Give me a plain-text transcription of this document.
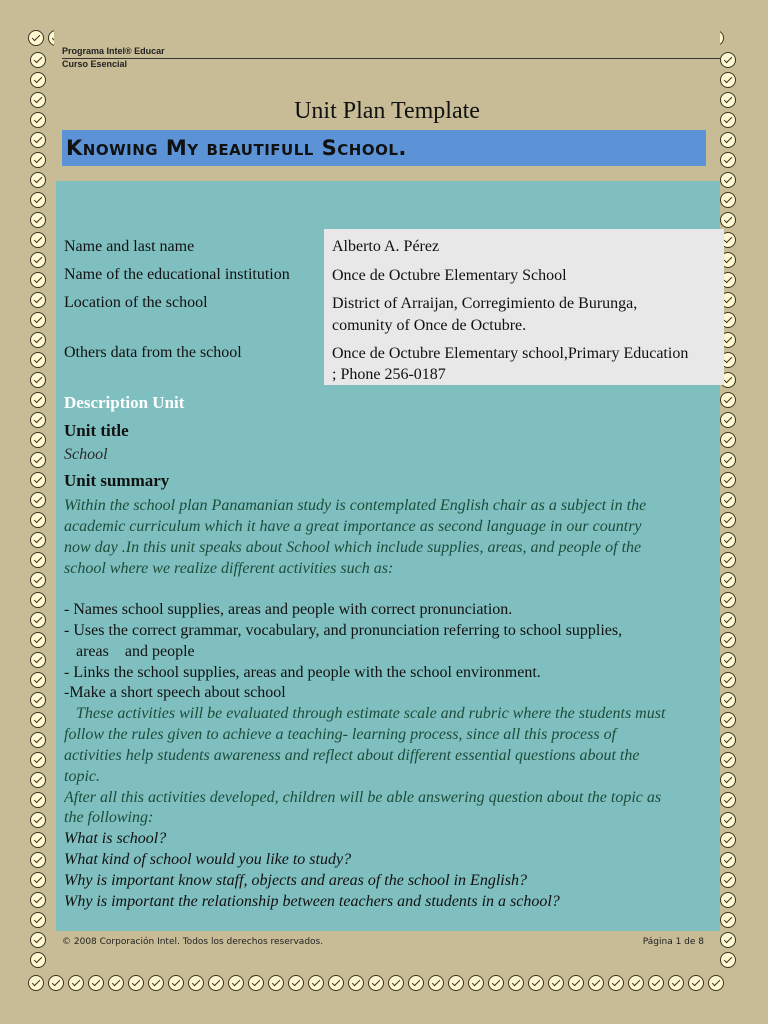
Programa Intel® Educar
Curso Esencial
Unit Plan Template
Knowing My beautifull School.
Name and last name	Alberto A. Pérez
Name of the educational institution	Once de Octubre Elementary School
Location of the school	District of Arraijan, Corregimiento de Burunga,
comunity of Once de Octubre.
Others data from the school	Once de Octubre Elementary school,Primary Education
; Phone 256-0187
Description Unit
Unit title
School
Unit summary
Within the school plan Panamanian study is contemplated English chair as a subject in the
academic curriculum which it have a great importance as second language in our country
now day .In this unit speaks about School which include supplies, areas, and people of the
school where we realize different activities such as:
- Names school supplies, areas and people with correct pronunciation.
- Uses the correct grammar, vocabulary, and pronunciation referring to school supplies,
areas    and people
- Links the school supplies, areas and people with the school environment.
-Make a short speech about school
These activities will be evaluated through estimate scale and rubric where the students must
follow the rules given to achieve a teaching- learning process, since all this process of
activities help students awareness and reflect about different essential questions about the
topic.
After all this activities developed, children will be able answering question about the topic as
the following:
What is school?
What kind of school would you like to study?
Why is important know staff, objects and areas of the school in English?
Why is important the relationship between teachers and students in a school?
© 2008 Corporación Intel. Todos los derechos reservados.	Página 1 de 8
